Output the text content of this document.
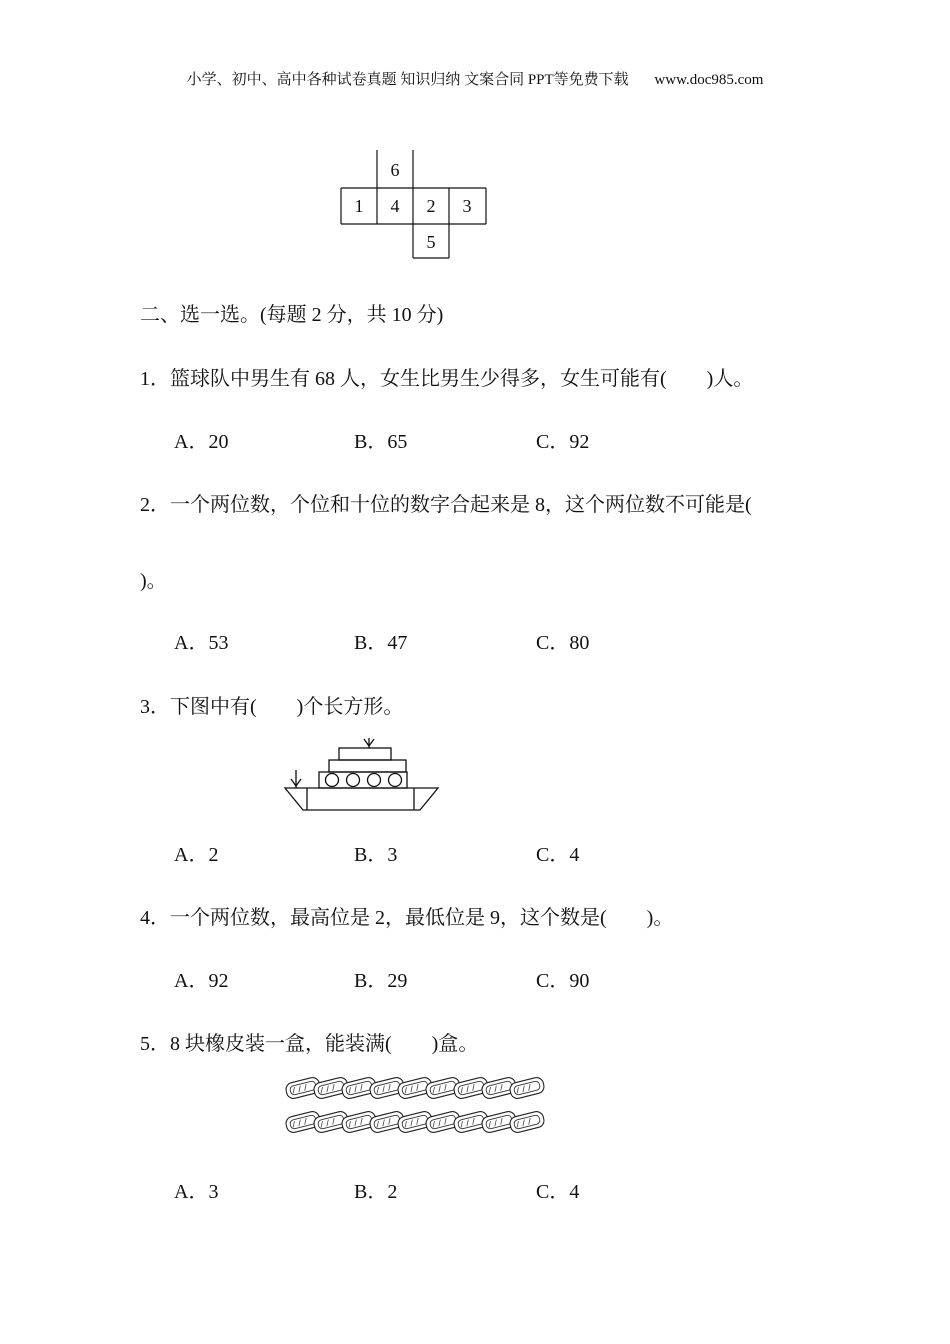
小学、初中、高中各种试卷真题 知识归纳 文案合同 PPT等免费下载 www.doc985.com
6
1	4	2	3
5
二、选一选。(每题 2 分，共 10 分)
1．篮球队中男生有 68 人，女生比男生少得多，女生可能有(　　)人。
A．20	B．65	C．92
2．一个两位数，个位和十位的数字合起来是 8，这个两位数不可能是(
)。
A．53	B．47	C．80
3．下图中有(　　)个长方形。
A．2	B．3	C．4
4．一个两位数，最高位是 2，最低位是 9，这个数是(　　)。
A．92	B．29	C．90
5．8 块橡皮装一盒，能装满(　　)盒。
A．3	B．2	C．4
